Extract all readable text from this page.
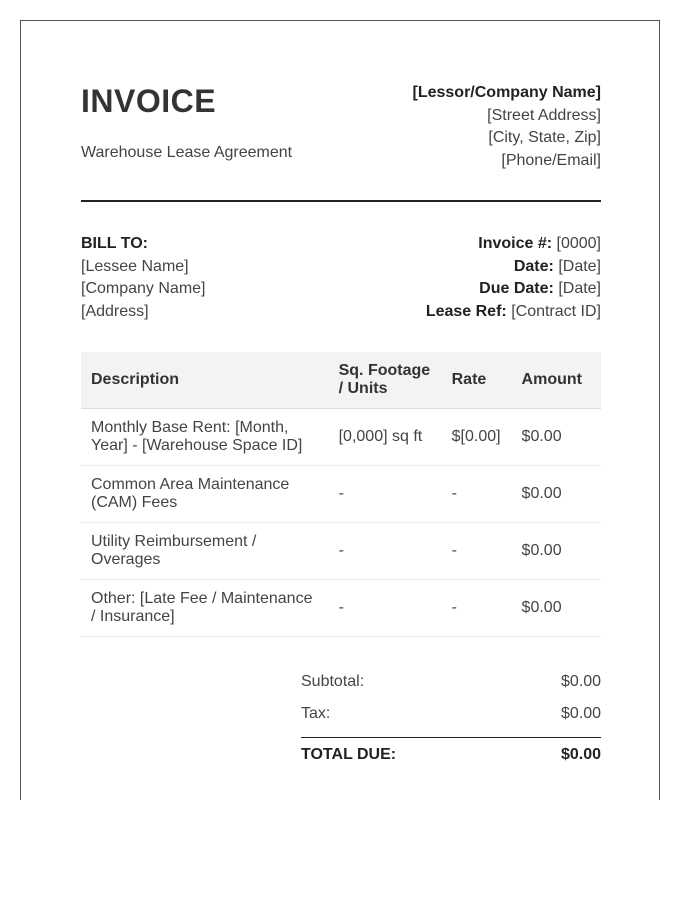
INVOICE
Warehouse Lease Agreement
[Lessor/Company Name]
[Street Address]
[City, State, Zip]
[Phone/Email]
BILL TO:
[Lessee Name]
[Company Name]
[Address]
Invoice #: [0000]
Date: [Date]
Due Date: [Date]
Lease Ref: [Contract ID]
Description	Sq. Footage / Units	Rate	Amount
Monthly Base Rent: [Month, Year] - [Warehouse Space ID]	[0,000] sq ft	$[0.00]	$0.00
Common Area Maintenance (CAM) Fees	-	-	$0.00
Utility Reimbursement / Overages	-	-	$0.00
Other: [Late Fee / Maintenance / Insurance]	-	-	$0.00
Subtotal:	$0.00
Tax:	$0.00
TOTAL DUE:	$0.00
